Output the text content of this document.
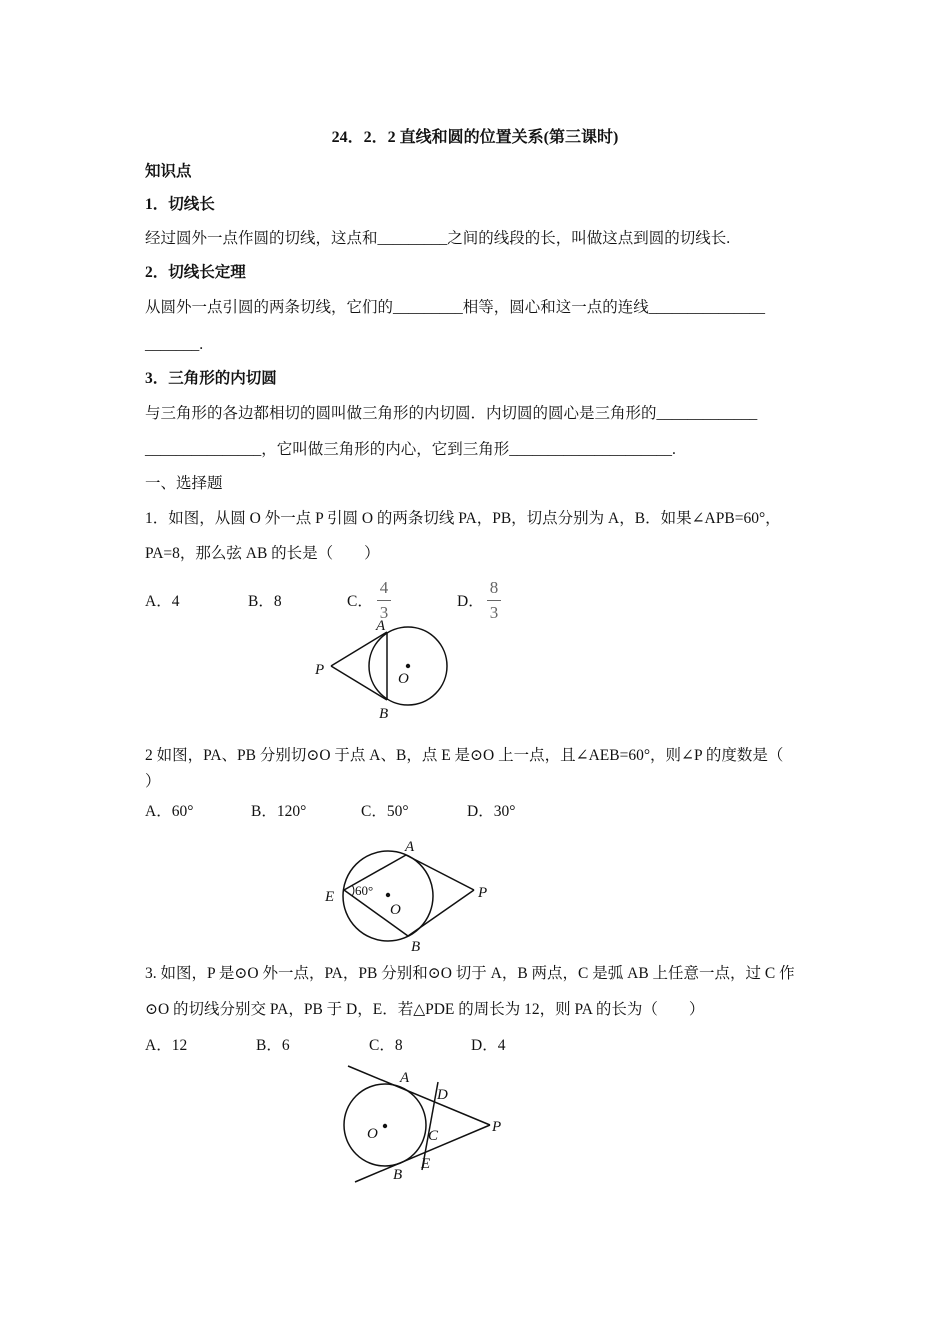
24．2．2 直线和圆的位置关系(第三课时)
知识点
1．切线长
经过圆外一点作圆的切线，这点和_________之间的线段的长，叫做这点到圆的切线长.
2．切线长定理
从圆外一点引圆的两条切线，它们的_________相等，圆心和这一点的连线_______________
_______.
3．三角形的内切圆
与三角形的各边都相切的圆叫做三角形的内切圆．内切圆的圆心是三角形的_____________
_______________，它叫做三角形的内心，它到三角形_____________________.
一、选择题
1．如图，从圆 O 外一点 P 引圆 O 的两条切线 PA，PB，切点分别为 A，B．如果∠APB=60°，
PA=8，那么弦 AB 的长是（　　）
A．4	B．8	C．
4
3
D．
8
3
P
A
B
O
2 如图，PA、PB 分别切⊙O 于点 A、B，点 E 是⊙O 上一点，且∠AEB=60°，则∠P 的度数是（
）
A．60°	B．120°	C．50°	D．30°
E
A
B
O
P
60°
3. 如图，P 是⊙O 外一点，PA，PB 分别和⊙O 切于 A，B 两点，C 是弧 AB 上任意一点，过 C 作
⊙O 的切线分别交 PA，PB 于 D，E．若△PDE 的周长为 12，则 PA 的长为（　　）
A．12	B．6	C．8	D．4
A
D
O	C
P
B
E
